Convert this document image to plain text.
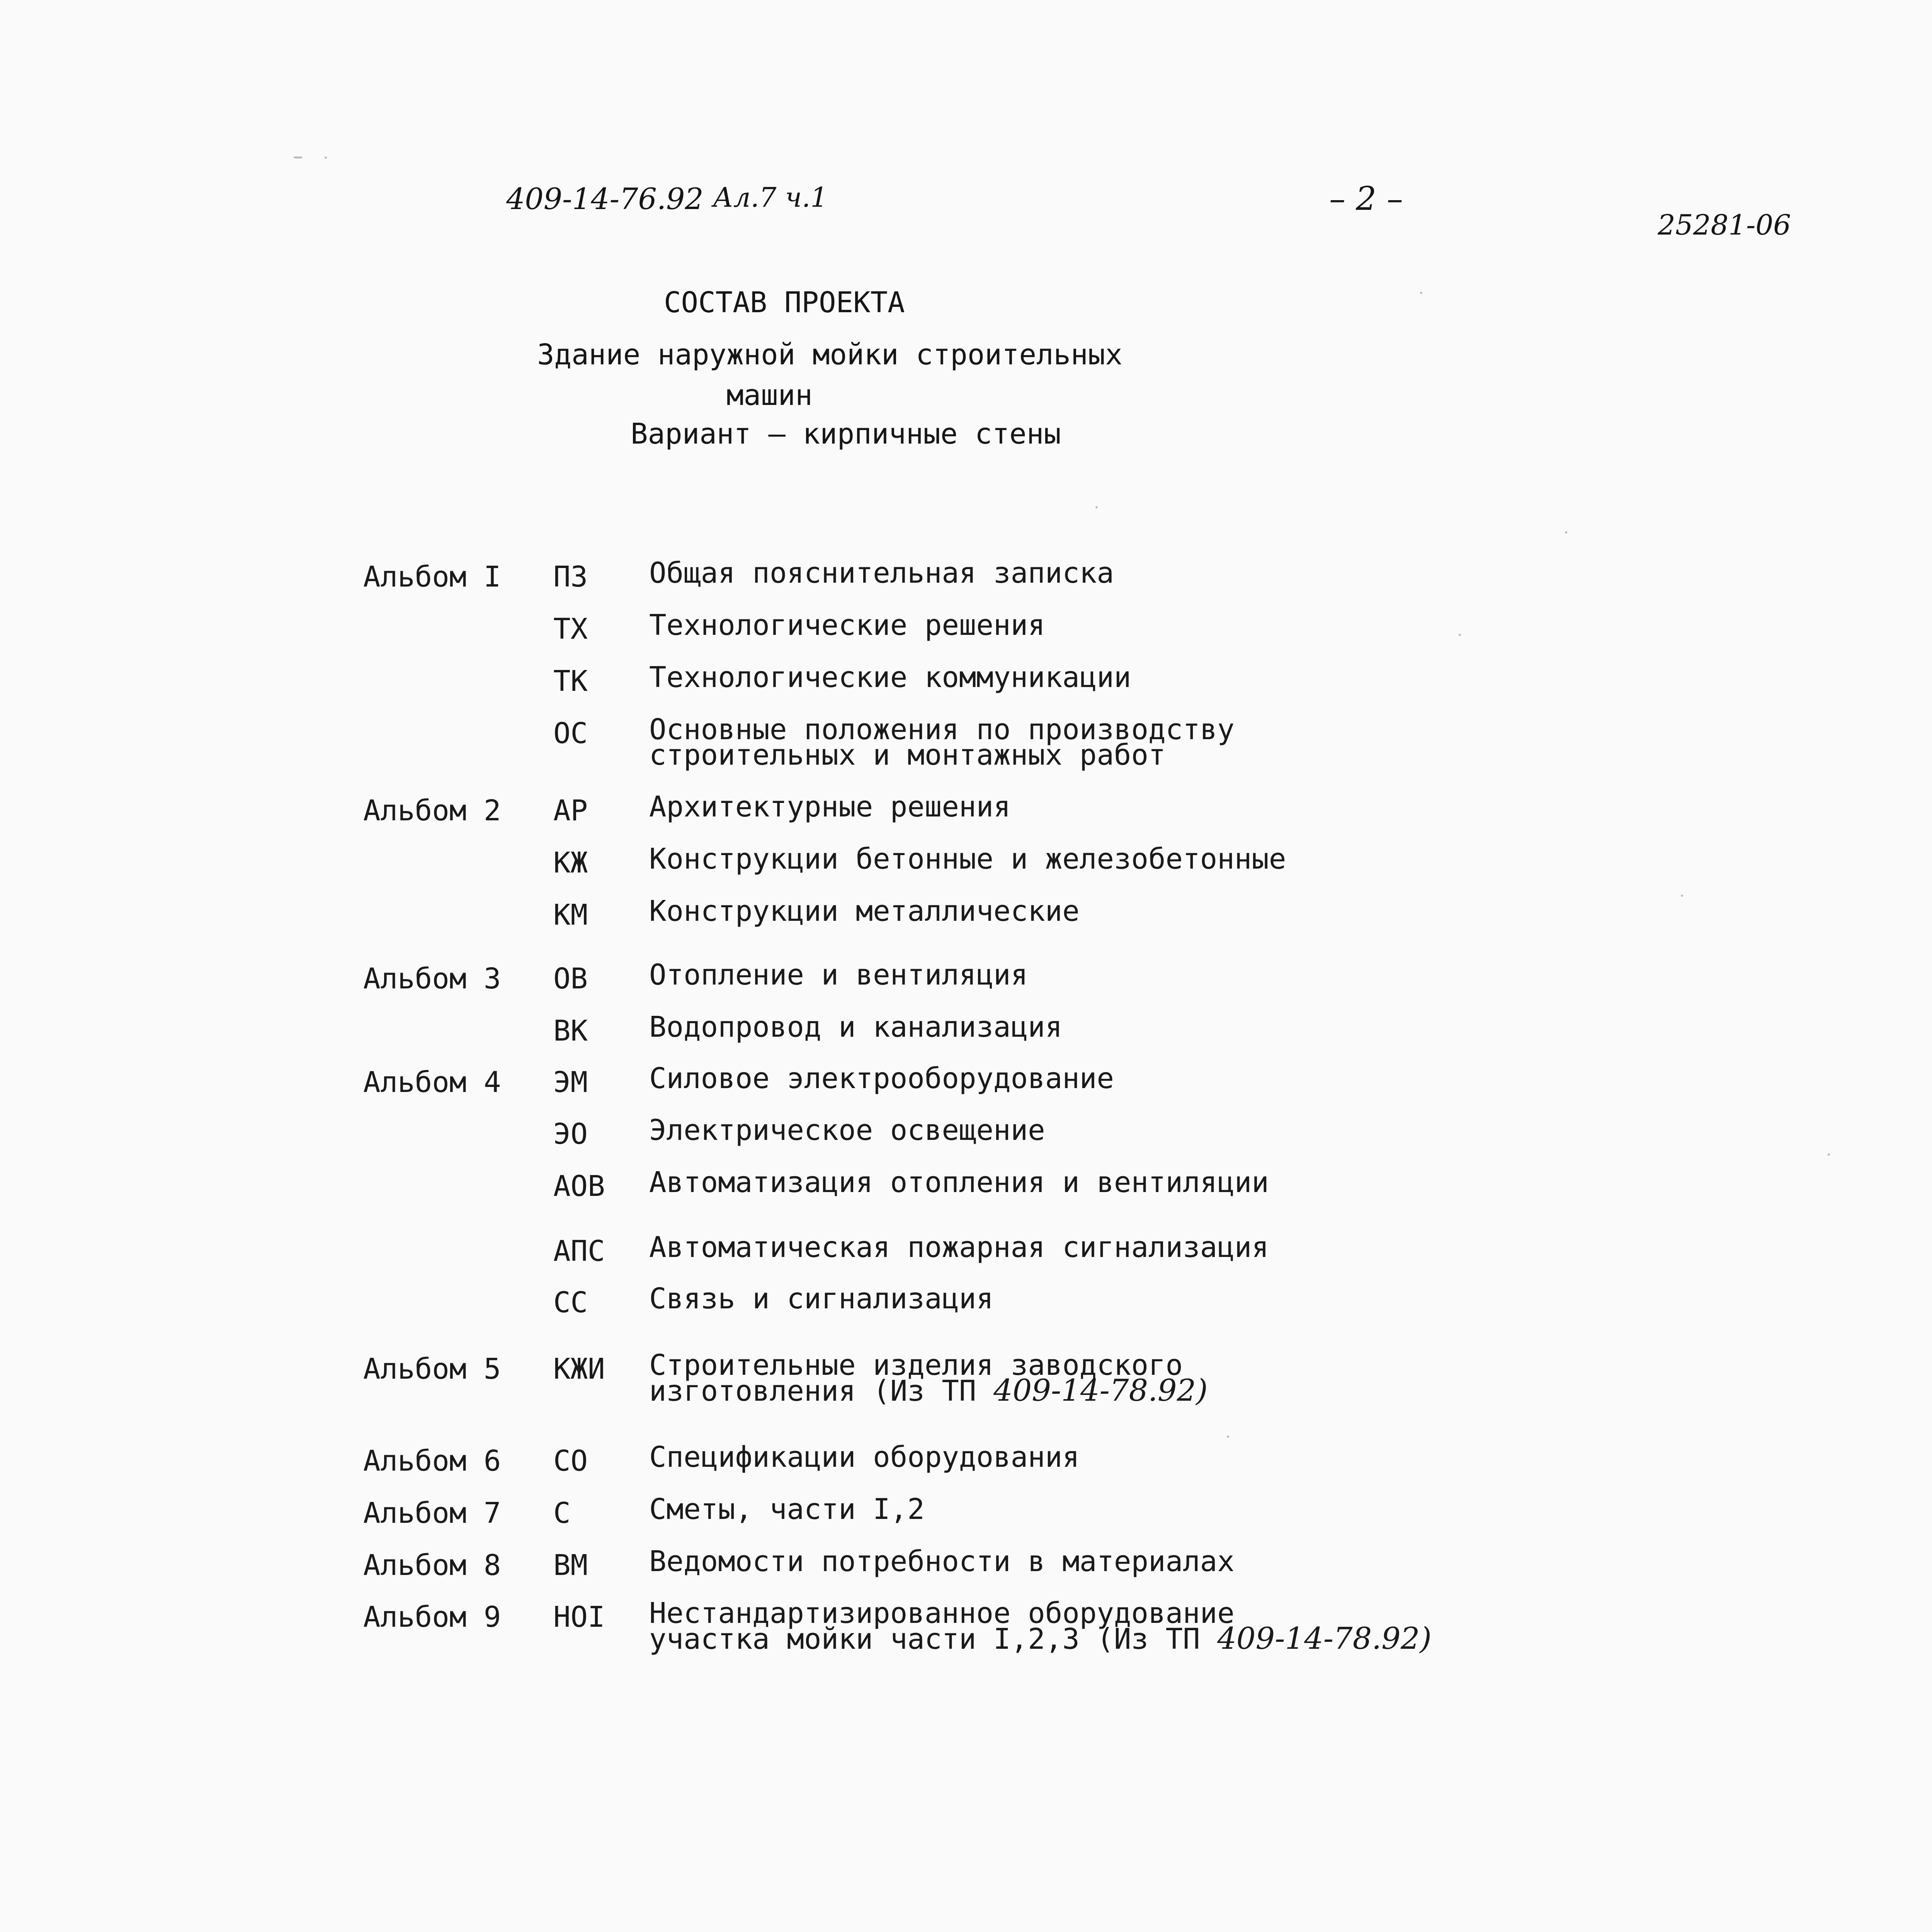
409-14-76.92 Ал.7 ч.1	– 2 –
25281-06
СОСТАВ ПРОЕКТА
Здание наружной мойки строительных
машин
Вариант – кирпичные стены
Альбом I ПЗ Общая пояснительная записка
ТХ Технологические решения
ТК Технологические коммуникации
ОС Основные положения по производству
строительных и монтажных работ
Альбом 2 АР Архитектурные решения
КЖ Конструкции бетонные и железобетонные
КМ Конструкции металлические
Альбом 3 ОВ Отопление и вентиляция
ВК Водопровод и канализация
Альбом 4 ЭМ Силовое электрооборудование
ЭО Электрическое освещение
АОВ Автоматизация отопления и вентиляции
АПС Автоматическая пожарная сигнализация
СС Связь и сигнализация
Альбом 5 КЖИ Строительные изделия заводского
изготовления (Из ТП 409-14-78.92)
Альбом 6 СО Спецификации оборудования
Альбом 7 С	Сметы, части I,2
Альбом 8 ВМ Ведомости потребности в материалах
Альбом 9 НОI Нестандартизированное оборудование
участка мойки части I,2,3 (Из ТП 409-14-78.92)
